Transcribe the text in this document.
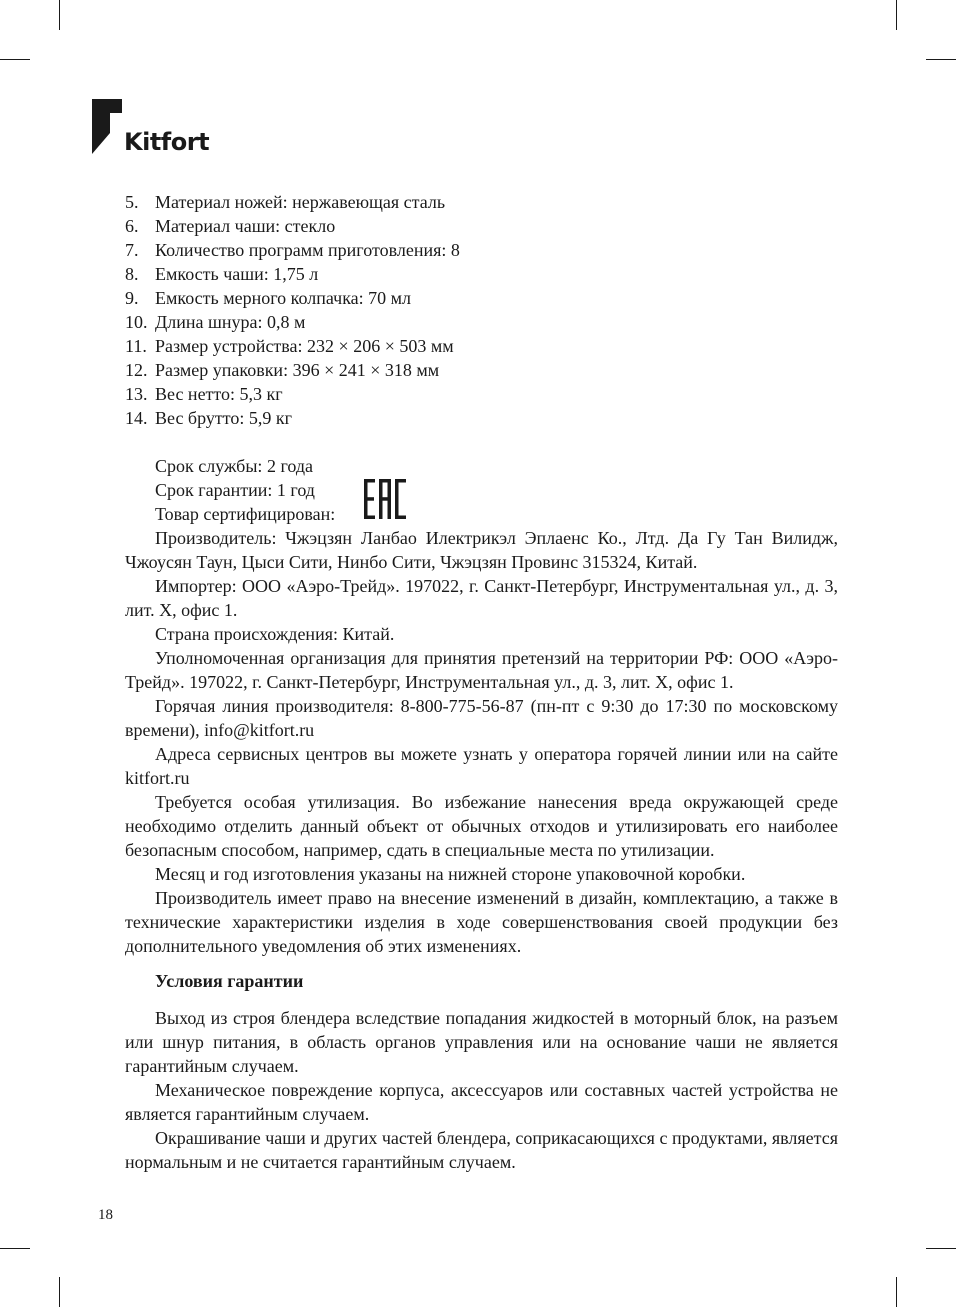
Kitfort
5. Материал ножей: нержавеющая сталь
6. Материал чаши: стекло
7. Количество программ приготовления: 8
8. Емкость чаши: 1,75 л
9. Емкость мерного колпачка: 70 мл
10. Длина шнура: 0,8 м
11. Размер устройства: 232 × 206 × 503 мм
12. Размер упаковки: 396 × 241 × 318 мм
13. Вес нетто: 5,3 кг
14. Вес брутто: 5,9 кг
Срок службы: 2 года
Срок гарантии: 1 год
Товар сертифицирован:

Производитель: Чжэцзян Ланбао Илектрикэл Эплаенс Ко., Лтд. Да Гу Тан Вилидж, Чжоусян Таун, Цыси Сити, Нинбо Сити, Чжэцзян Провинс 315324, Китай.

Импортер: ООО «Аэро-Трейд». 197022, г. Санкт-Петербург, Инструментальная ул., д. 3, лит. Х, офис 1.

Страна происхождения: Китай.

Уполномоченная организация для принятия претензий на территории РФ: ООО «Аэро-Трейд». 197022, г. Санкт-Петербург, Инструментальная ул., д. 3, лит. Х, офис 1.

Горячая линия производителя: 8-800-775-56-87 (пн-пт с 9:30 до 17:30 по московскому времени), info@kitfort.ru

Адреса сервисных центров вы можете узнать у оператора горячей линии или на сайте kitfort.ru

Требуется особая утилизация. Во избежание нанесения вреда окружающей среде необходимо отделить данный объект от обычных отходов и утилизировать его наиболее безопасным способом, например, сдать в специальные места по утилизации.

Месяц и год изготовления указаны на нижней стороне упаковочной коробки.

Производитель имеет право на внесение изменений в дизайн, комплектацию, а также в технические характеристики изделия в ходе совершенствования своей продукции без дополнительного уведомления об этих изменениях.

Условия гарантии

Выход из строя блендера вследствие попадания жидкостей в моторный блок, на разъем или шнур питания, в область органов управления или на основание чаши не является гарантийным случаем.

Механическое повреждение корпуса, аксессуаров или составных частей устройства не является гарантийным случаем.

Окрашивание чаши и других частей блендера, соприкасающихся с продуктами, является нормальным и не считается гарантийным случаем.

18
